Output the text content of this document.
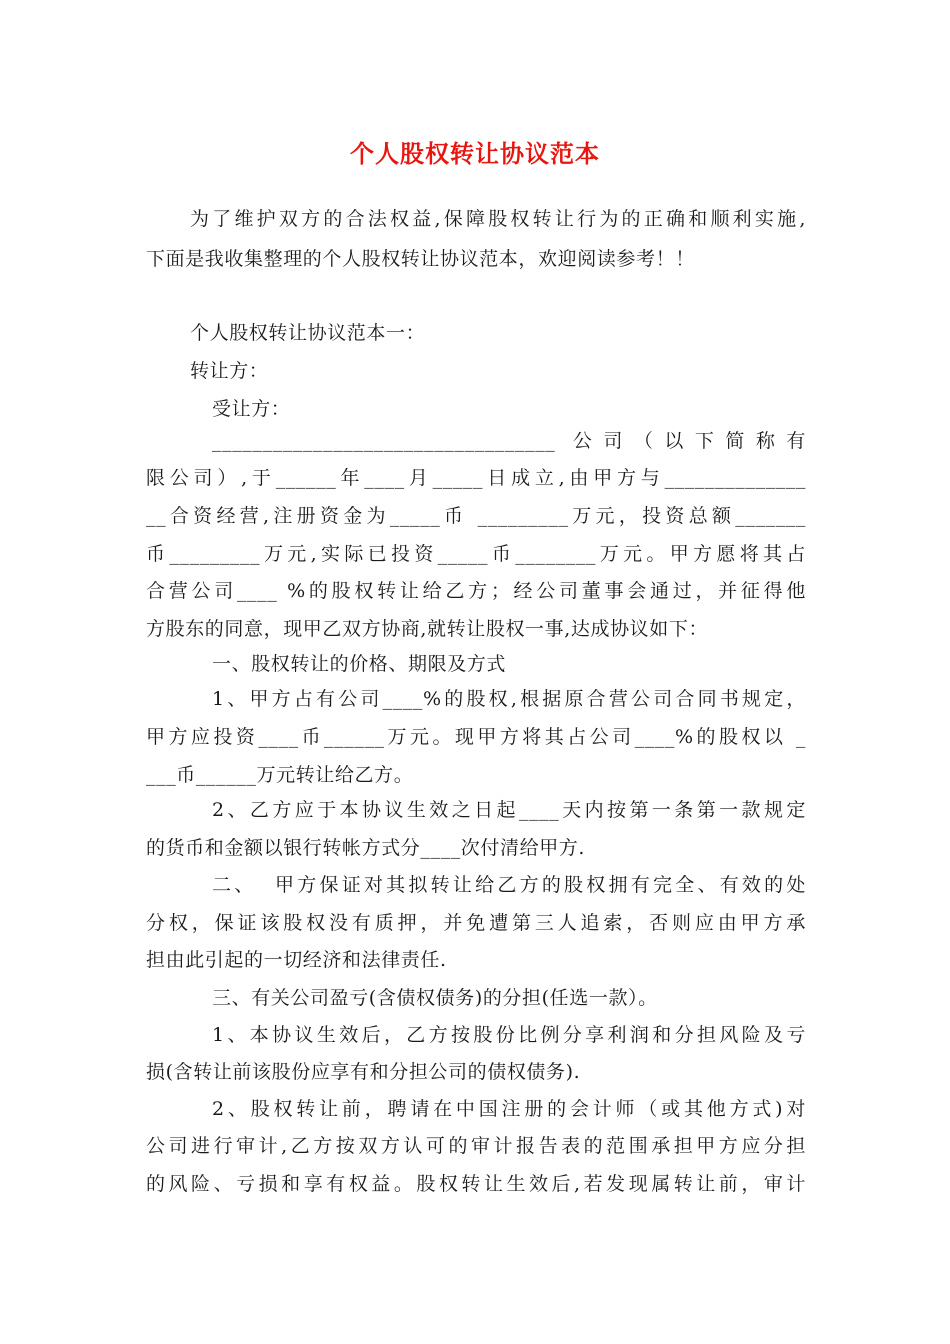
个人股权转让协议范本
为了维护双方的合法权益,保障股权转让行为的正确和顺利实施,
下面是我收集整理的个人股权转让协议范本，欢迎阅读参考！！
个人股权转让协议范本一：
转让方：
受让方：
__________________________________ 公司（以下简称有
限公司）,于______年____月_____日成立,由甲方与______________
__合资经营,注册资金为_____币 _________万元，投资总额_______
币_________万元,实际已投资_____币________万元。甲方愿将其占
合营公司____ %的股权转让给乙方；经公司董事会通过，并征得他
方股东的同意，现甲乙双方协商,就转让股权一事,达成协议如下：
一、股权转让的价格、期限及方式
1、甲方占有公司____%的股权,根据原合营公司合同书规定，
甲方应投资____币______万元。现甲方将其占公司____%的股权以 _
___币______万元转让给乙方。
2、乙方应于本协议生效之日起____天内按第一条第一款规定
的货币和金额以银行转帐方式分____次付清给甲方.
二、  甲方保证对其拟转让给乙方的股权拥有完全、有效的处
分权，保证该股权没有质押，并免遭第三人追索，否则应由甲方承
担由此引起的一切经济和法律责任.
三、有关公司盈亏(含债权债务)的分担(任选一款）。
1、本协议生效后，乙方按股份比例分享利润和分担风险及亏
损(含转让前该股份应享有和分担公司的债权债务).
2、股权转让前，聘请在中国注册的会计师（或其他方式)对
公司进行审计,乙方按双方认可的审计报告表的范围承担甲方应分担
的风险、亏损和享有权益。股权转让生效后,若发现属转让前，审计
